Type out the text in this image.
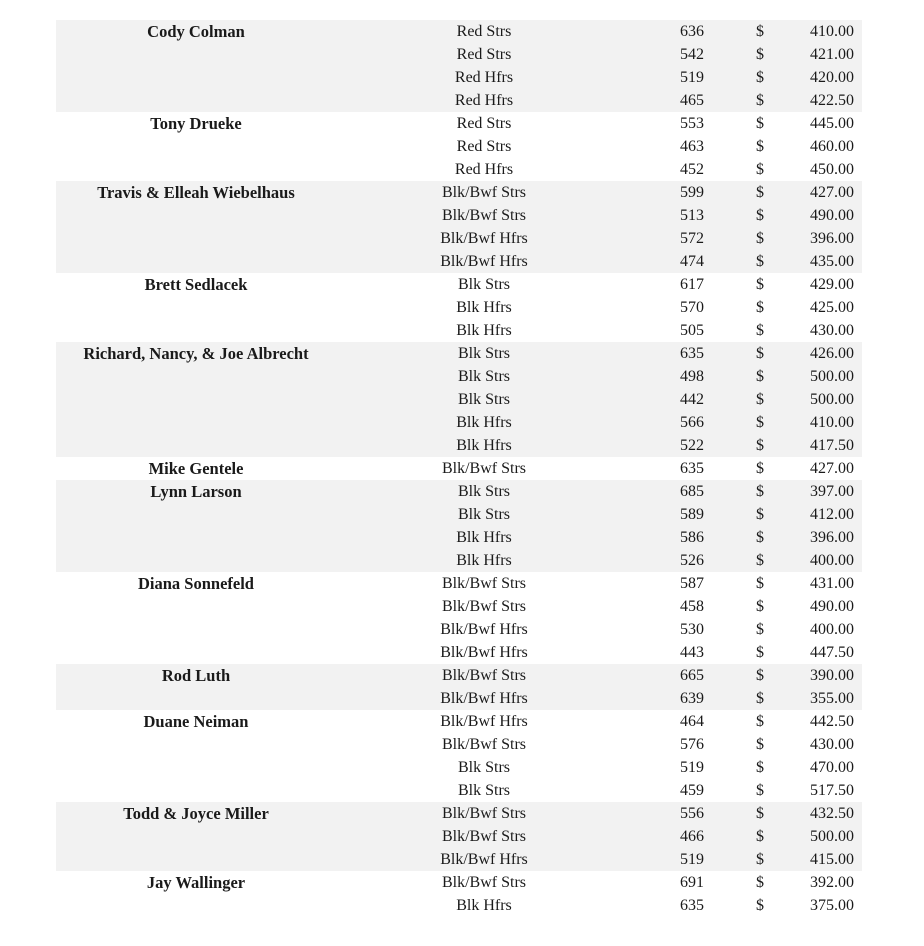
Cody Colman	Red Strs	636	$	410.00
Red Strs	542	$	421.00
Red Hfrs	519	$	420.00
Red Hfrs	465	$	422.50
Tony Drueke	Red Strs	553	$	445.00
Red Strs	463	$	460.00
Red Hfrs	452	$	450.00
Travis & Elleah Wiebelhaus	Blk/Bwf Strs	599	$	427.00
Blk/Bwf Strs	513	$	490.00
Blk/Bwf Hfrs	572	$	396.00
Blk/Bwf Hfrs	474	$	435.00
Brett Sedlacek	Blk Strs	617	$	429.00
Blk Hfrs	570	$	425.00
Blk Hfrs	505	$	430.00
Richard, Nancy, & Joe Albrecht	Blk Strs	635	$	426.00
Blk Strs	498	$	500.00
Blk Strs	442	$	500.00
Blk Hfrs	566	$	410.00
Blk Hfrs	522	$	417.50
Mike Gentele	Blk/Bwf Strs	635	$	427.00
Lynn Larson	Blk Strs	685	$	397.00
Blk Strs	589	$	412.00
Blk Hfrs	586	$	396.00
Blk Hfrs	526	$	400.00
Diana Sonnefeld	Blk/Bwf Strs	587	$	431.00
Blk/Bwf Strs	458	$	490.00
Blk/Bwf Hfrs	530	$	400.00
Blk/Bwf Hfrs	443	$	447.50
Rod Luth	Blk/Bwf Strs	665	$	390.00
Blk/Bwf Hfrs	639	$	355.00
Duane Neiman	Blk/Bwf Hfrs	464	$	442.50
Blk/Bwf Strs	576	$	430.00
Blk Strs	519	$	470.00
Blk Strs	459	$	517.50
Todd & Joyce Miller	Blk/Bwf Strs	556	$	432.50
Blk/Bwf Strs	466	$	500.00
Blk/Bwf Hfrs	519	$	415.00
Jay Wallinger	Blk/Bwf Strs	691	$	392.00
Blk Hfrs	635	$	375.00
